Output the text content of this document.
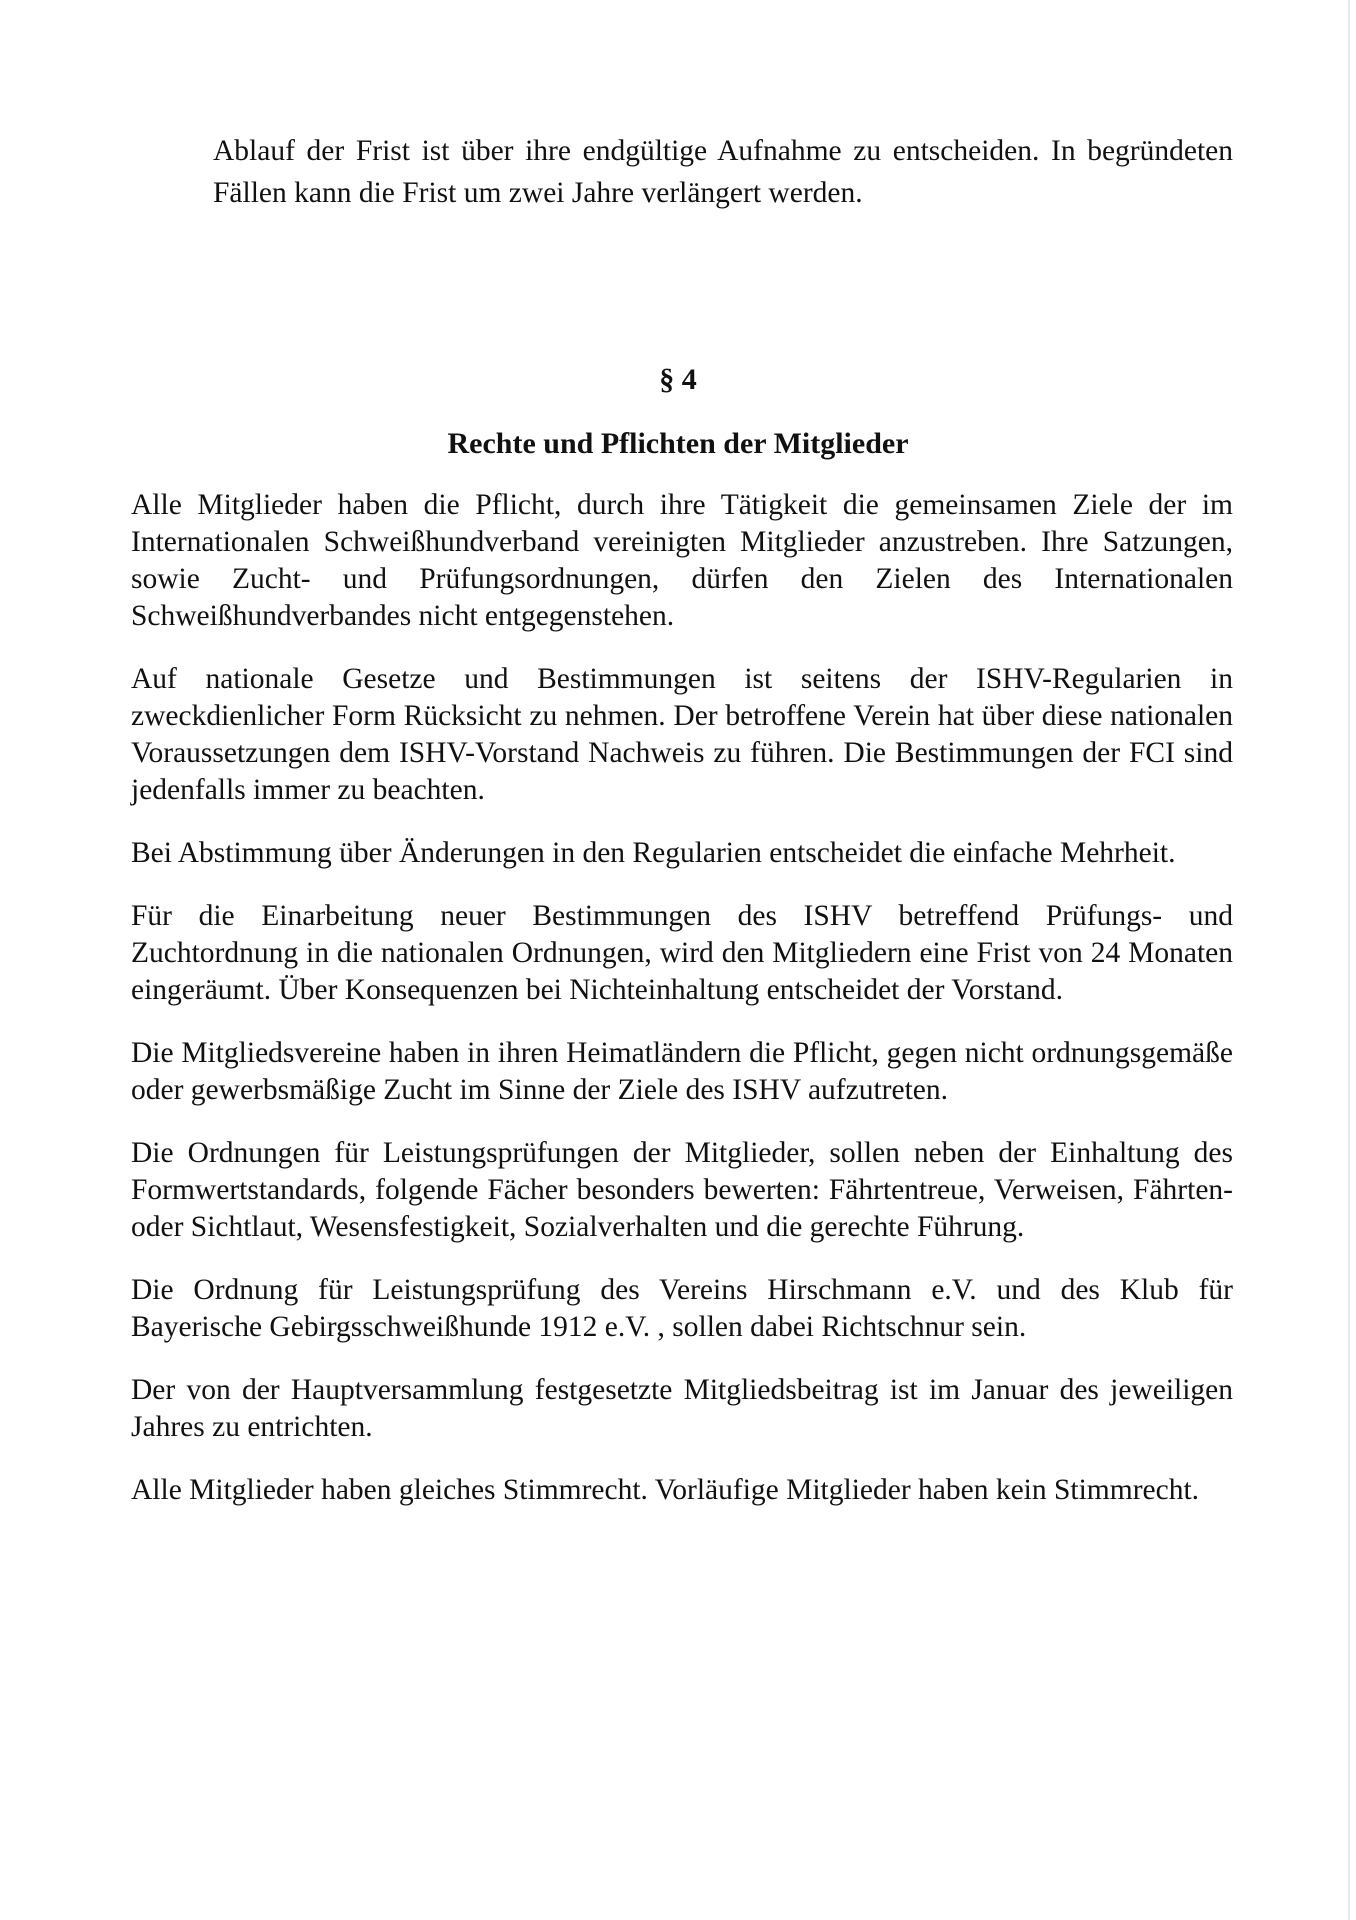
Ablauf der Frist ist über ihre endgültige Aufnahme zu entscheiden. In begründeten Fällen kann die Frist um zwei Jahre verlängert werden.

§ 4
Rechte und Pflichten der Mitglieder

Alle Mitglieder haben die Pflicht, durch ihre Tätigkeit die gemeinsamen Ziele der im Internationalen Schweißhundverband vereinigten Mitglieder anzustreben. Ihre Satzungen, sowie Zucht- und Prüfungsordnungen, dürfen den Zielen des Internationalen Schweißhundverbandes nicht entgegenstehen.

Auf nationale Gesetze und Bestimmungen ist seitens der ISHV-Regularien in zweckdienlicher Form Rücksicht zu nehmen. Der betroffene Verein hat über diese nationalen Voraussetzungen dem ISHV-Vorstand Nachweis zu führen. Die Bestimmungen der FCI sind jedenfalls immer zu beachten.

Bei Abstimmung über Änderungen in den Regularien entscheidet die einfache Mehrheit.

Für die Einarbeitung neuer Bestimmungen des ISHV betreffend Prüfungs- und Zuchtordnung in die nationalen Ordnungen, wird den Mitgliedern eine Frist von 24 Monaten eingeräumt. Über Konsequenzen bei Nichteinhaltung entscheidet der Vorstand.

Die Mitgliedsvereine haben in ihren Heimatländern die Pflicht, gegen nicht ordnungsgemäße oder gewerbsmäßige Zucht im Sinne der Ziele des ISHV aufzutreten.

Die Ordnungen für Leistungsprüfungen der Mitglieder, sollen neben der Einhaltung des Formwertstandards, folgende Fächer besonders bewerten: Fährtentreue, Verweisen, Fährten- oder Sichtlaut, Wesensfestigkeit, Sozialverhalten und die gerechte Führung.

Die Ordnung für Leistungsprüfung des Vereins Hirschmann e.V. und des Klub für Bayerische Gebirgsschweißhunde 1912 e.V. , sollen dabei Richtschnur sein.

Der von der Hauptversammlung festgesetzte Mitgliedsbeitrag ist im Januar des jeweiligen Jahres zu entrichten.

Alle Mitglieder haben gleiches Stimmrecht. Vorläufige Mitglieder haben kein Stimmrecht.
